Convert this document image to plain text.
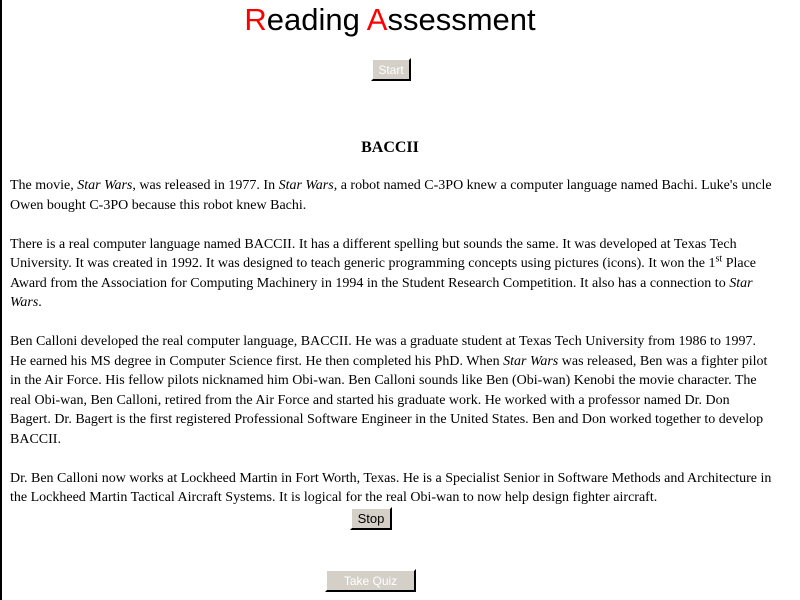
Reading Assessment
Start
BACCII

The movie, Star Wars, was released in 1977. In Star Wars, a robot named C-3PO knew a computer language named Bachi. Luke's uncle Owen bought C-3PO because this robot knew Bachi.

There is a real computer language named BACCII. It has a different spelling but sounds the same. It was developed at Texas Tech University. It was created in 1992. It was designed to teach generic programming concepts using pictures (icons). It won the 1st Place Award from the Association for Computing Machinery in 1994 in the Student Research Competition. It also has a connection to Star Wars.

Ben Calloni developed the real computer language, BACCII. He was a graduate student at Texas Tech University from 1986 to 1997. He earned his MS degree in Computer Science first. He then completed his PhD. When Star Wars was released, Ben was a fighter pilot in the Air Force. His fellow pilots nicknamed him Obi-wan. Ben Calloni sounds like Ben (Obi-wan) Kenobi the movie character. The real Obi-wan, Ben Calloni, retired from the Air Force and started his graduate work. He worked with a professor named Dr. Don Bagert. Dr. Bagert is the first registered Professional Software Engineer in the United States. Ben and Don worked together to develop BACCII.

Dr. Ben Calloni now works at Lockheed Martin in Fort Worth, Texas. He is a Specialist Senior in Software Methods and Architecture in the Lockheed Martin Tactical Aircraft Systems. It is logical for the real Obi-wan to now help design fighter aircraft.

Stop
Take Quiz
